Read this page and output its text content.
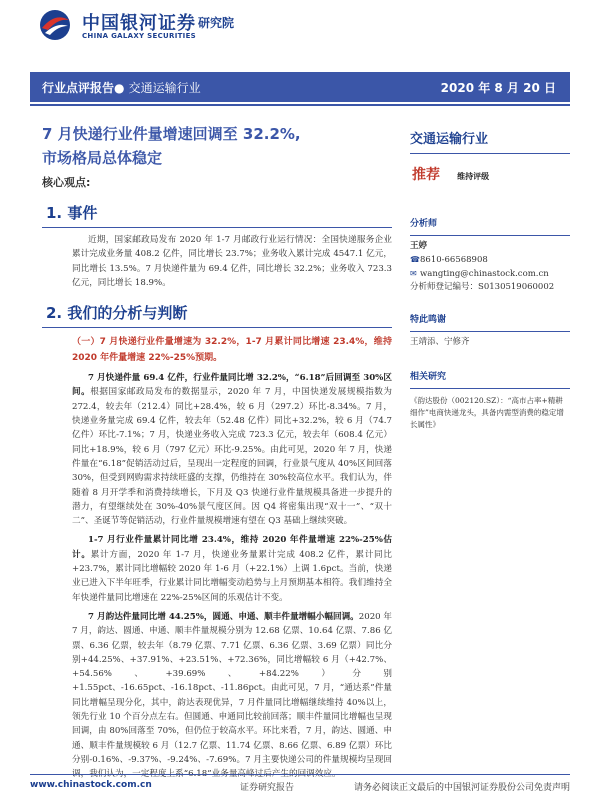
中国银河证券
CHINA GALAXY SECURITIES
研究院
行业点评报告● 交通运输行业	2020 年 8 月 20 日
7 月快递行业件量增速回调至 32.2%,
市场格局总体稳定
核心观点:
1. 事件
近期，国家邮政局发布 2020 年 1-7 月邮政行业运行情况：全国快递服务企业累计完成业务量 408.2 亿件，同比增长 23.7%；业务收入累计完成 4547.1 亿元，同比增长 13.5%。7 月快递件量为 69.4 亿件，同比增长 32.2%；业务收入 723.3 亿元，同比增长 18.9%。
2. 我们的分析与判断
（一）7 月快递行业件量增速为 32.2%，1-7 月累计同比增速 23.4%，维持 2020 年件量增速 22%-25%预期。
7 月快递件量 69.4 亿件，行业件量同比增 32.2%，“6.18”后回调至 30%区间。根据国家邮政局发布的数据显示，2020 年 7 月，中国快递发展规模指数为 272.4，较去年（212.4）同比+28.4%，较 6 月（297.2）环比-8.34%。7 月，快递业务量完成 69.4 亿件，较去年（52.48 亿件）同比+32.2%，较 6 月（74.7 亿件）环比-7.1%；7 月，快递业务收入完成 723.3 亿元，较去年（608.4 亿元）同比+18.9%，较 6 月（797 亿元）环比-9.25%。由此可见，2020 年 7 月，快递件量在“6.18”促销活动过后，呈现出一定程度的回调，行业景气度从 40%区间回落 30%，但受到网购需求持续旺盛的支撑，仍维持在 30%较高位水平。我们认为，伴随着 8 月开学季和消费持续增长，下月及 Q3 快递行业件量规模具备进一步提升的潜力，有望继续处在 30%-40%景气度区间。因 Q4 将密集出现“双十一”、“双十二”、圣诞节等促销活动，行业件量规模增速有望在 Q3 基础上继续突破。
1-7 月行业件量累计同比增 23.4%，维持 2020 年件量增速 22%-25%估计。累计方面，2020 年 1-7 月，快递业务量累计完成 408.2 亿件，累计同比+23.7%，累计同比增幅较 2020 年 1-6 月（+22.1%）上调 1.6pct。当前，快递业已进入下半年旺季，行业累计同比增幅变动趋势与上月预期基本相符。我们维持全年快递件量同比增速在 22%-25%区间的乐观估计不变。
7 月韵达件量同比增 44.25%，圆通、申通、顺丰件量增幅小幅回调。2020 年 7 月，韵达、圆通、申通、顺丰件量规模分别为 12.68 亿票、10.64 亿票、7.86 亿票、6.36 亿票，较去年（8.79 亿票、7.71 亿票、6.36 亿票、3.69 亿票）同比分别+44.25%、+37.91%、+23.51%、+72.36%，同比增幅较 6 月（+42.7%、+54.56%、+39.69%、+84.22%）分别+1.55pct、-16.65pct、-16.18pct、-11.86pct。由此可见，7 月，“通达系”件量同比增幅呈现分化，其中，韵达表现优异，7 月件量同比增幅继续维持 40%以上，领先行业 10 个百分点左右。但圆通、申通同比较前回落；顺丰件量同比增幅也呈现回调，由 80%回落至 70%，但仍位于较高水平。环比来看，7 月，韵达、圆通、申通、顺丰件量规模较 6 月（12.7 亿票、11.74 亿票、8.66 亿票、6.89 亿票）环比分别-0.16%、-9.37%、-9.24%、-7.69%。7 月主要快递公司的件量规模均呈现回调，我们认为，一定程度上系“6.18”业务量高峰过后产生的回调效应。
交通运输行业
推荐 维持评级
分析师
王婷
☎8610-66568908
✉ wangting@chinastock.com.cn
分析师登记编号：S0130519060002
特此鸣谢
王靖添、宁修齐
相关研究
《韵达股份（002120.SZ）：“高市占率+精耕细作”电商快递龙头，具备内需型消费的稳定增长属性》
www.chinastock.com.cn	证券研究报告	请务必阅读正文最后的中国银河证券股份公司免责声明
